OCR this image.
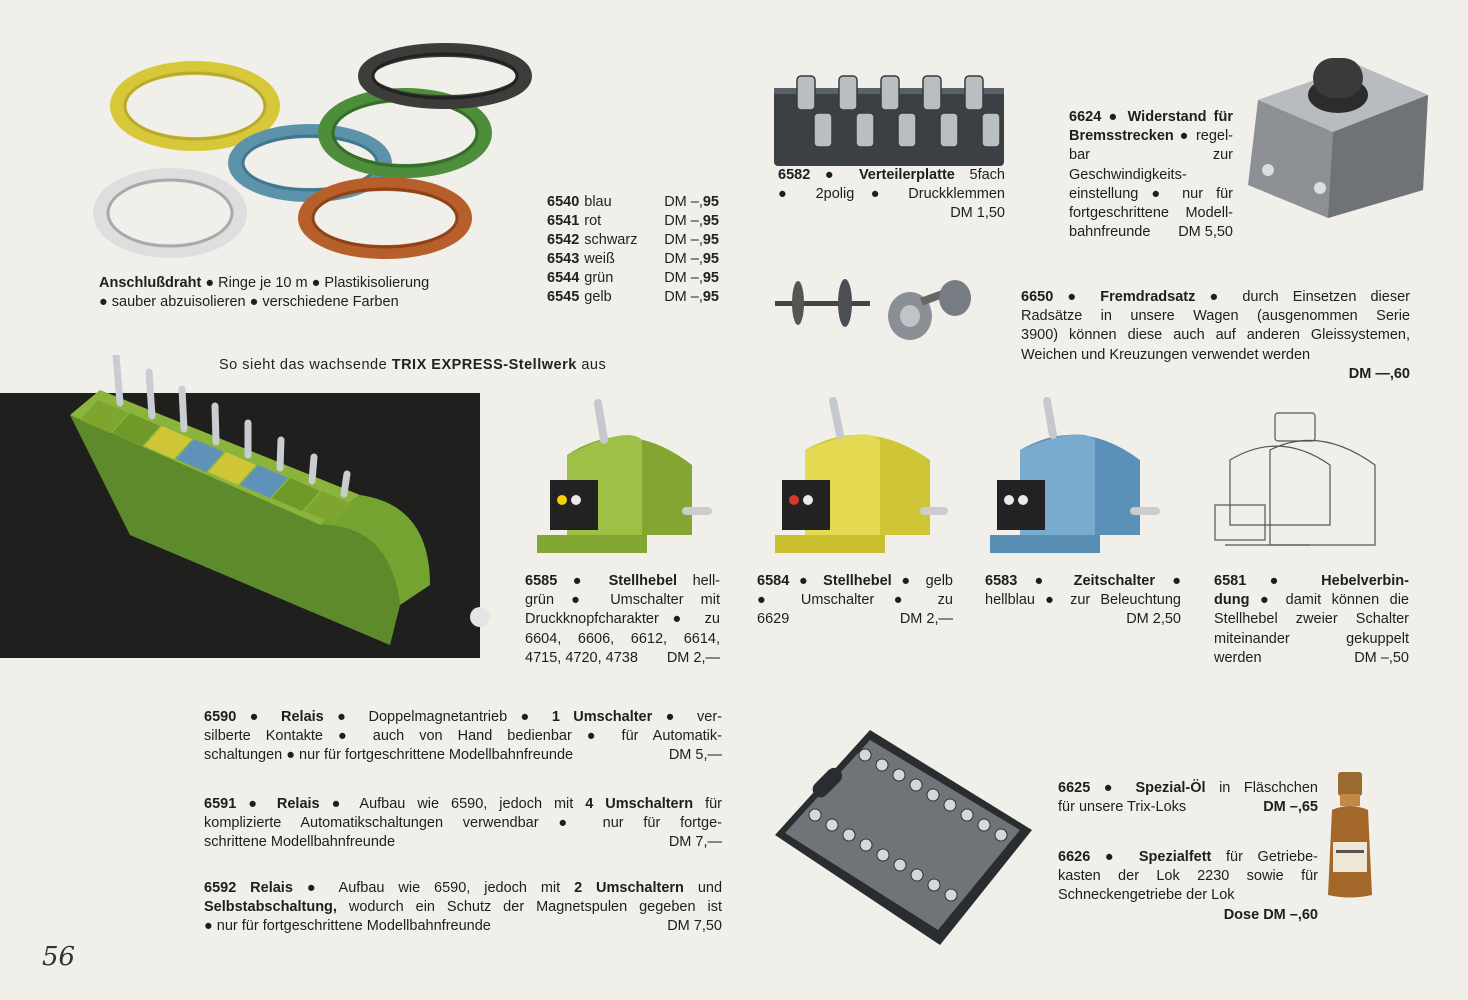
Anschlußdraht ● Ringe je 10 m ● Plastikisolierung
● sauber abzuisolieren ● verschiedene Farben
6540 blau	DM –,95
6541 rot	DM –,95
6542 schwarz DM –,95
6543 weiß	DM –,95
6544 grün	DM –,95
6545 gelb	DM –,95
6582 ● Verteilerplatte 5fach
● 2polig ● Druckklemmen
DM 1,50
6624 ● Widerstand für
Bremsstrecken ● regel-
bar zur Geschwindigkeits-
einstellung ● nur für
fortgeschrittene Modell-
bahnfreunde DM 5,50
6650 ● Fremdradsatz ● durch Einsetzen dieser
Radsätze in unsere Wagen (ausgenommen Serie
3900) können diese auch auf anderen Gleissystemen,
Weichen und Kreuzungen verwendet werden
DM —,60
So sieht das wachsende TRIX EXPRESS-Stellwerk aus
6585 ● Stellhebel hell-
grün ● Umschalter mit
Druckknopfcharakter ● zu
6604, 6606, 6612, 6614,
4715, 4720, 4738 DM 2,—
6584 ● Stellhebel ● gelb
● Umschalter ● zu
6629	DM 2,—
6583 ● Zeitschalter ●
hellblau ● zur Beleuchtung
DM 2,50
6581 ● Hebelverbin-
dung ● damit können die
Stellhebel zweier Schalter
miteinander gekuppelt
werden	DM –,50
6590 ● Relais ● Doppelmagnetantrieb ● 1 Umschalter ● ver-
silberte Kontakte ● auch von Hand bedienbar ● für Automatik-
schaltungen ● nur für fortgeschrittene Modellbahnfreunde	DM 5,—
6591 ● Relais ● Aufbau wie 6590, jedoch mit 4 Umschaltern für
komplizierte Automatikschaltungen verwendbar ● nur für fortge-
schrittene Modellbahnfreunde	DM 7,—
6592 Relais ● Aufbau wie 6590, jedoch mit 2 Umschaltern und
Selbstabschaltung, wodurch ein Schutz der Magnetspulen gegeben ist
● nur für fortgeschrittene Modellbahnfreunde	DM 7,50
6625 ● Spezial-Öl in Fläschchen
für unsere Trix-Loks	DM –,65
6626 ● Spezialfett für Getriebe-
kasten der Lok 2230 sowie für
Schneckengetriebe der Lok
Dose DM –,60
56
